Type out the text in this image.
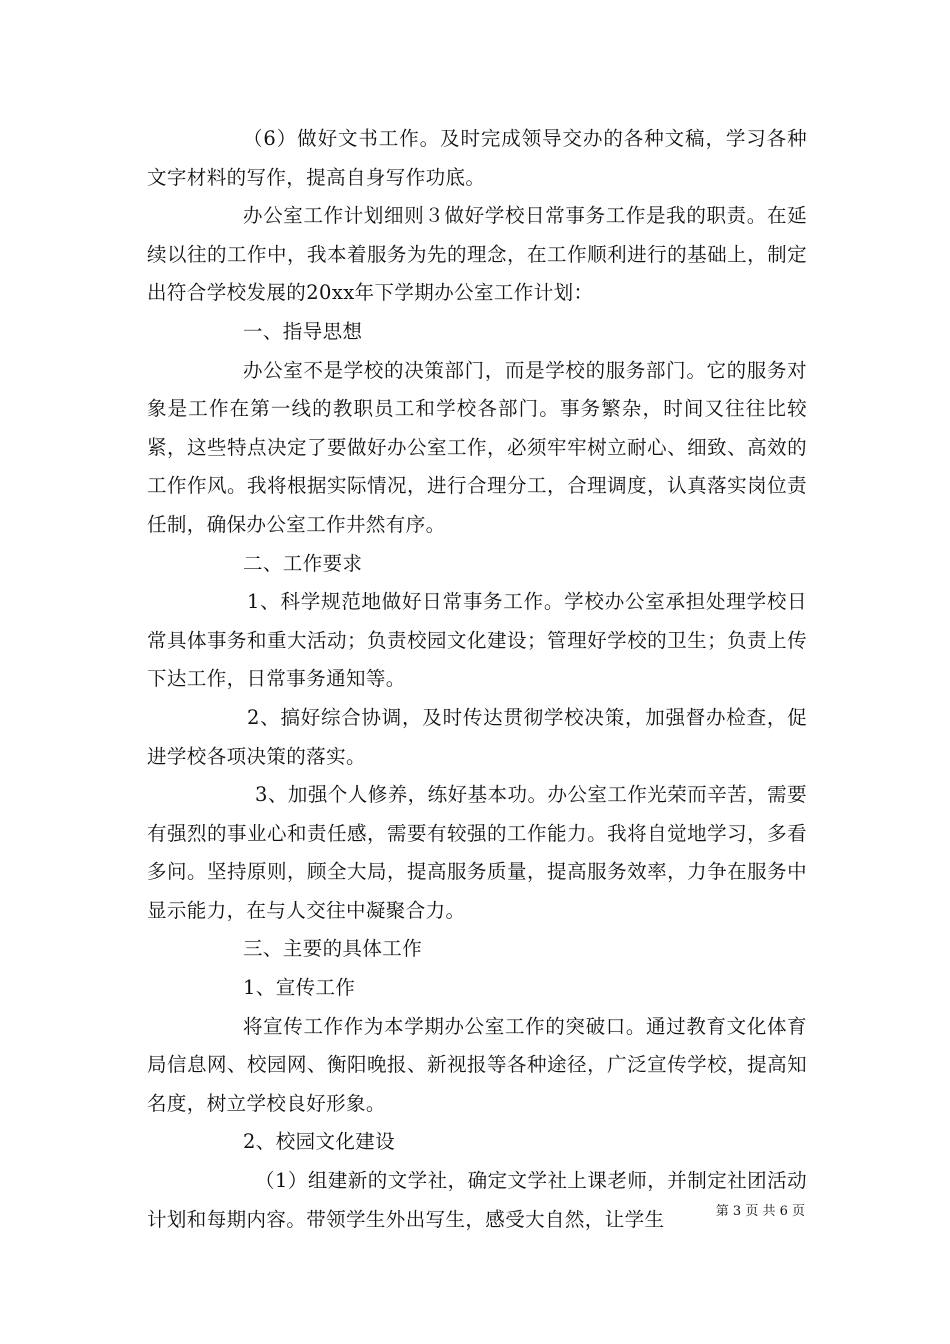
（6）做好文书工作。及时完成领导交办的各种文稿，学习各种文字材料的写作，提高自身写作功底。

办公室工作计划细则３做好学校日常事务工作是我的职责。在延续以往的工作中，我本着服务为先的理念，在工作顺利进行的基础上，制定出符合学校发展的20xx年下学期办公室工作计划：

一、指导思想

办公室不是学校的决策部门，而是学校的服务部门。它的服务对象是工作在第一线的教职员工和学校各部门。事务繁杂，时间又往往比较紧，这些特点决定了要做好办公室工作，必须牢牢树立耐心、细致、高效的工作作风。我将根据实际情况，进行合理分工，合理调度，认真落实岗位责任制，确保办公室工作井然有序。

二、工作要求

1、科学规范地做好日常事务工作。学校办公室承担处理学校日常具体事务和重大活动；负责校园文化建设；管理好学校的卫生；负责上传下达工作，日常事务通知等。

2、搞好综合协调，及时传达贯彻学校决策，加强督办检查，促进学校各项决策的落实。

3、加强个人修养，练好基本功。办公室工作光荣而辛苦，需要有强烈的事业心和责任感，需要有较强的工作能力。我将自觉地学习，多看多问。坚持原则，顾全大局，提高服务质量，提高服务效率，力争在服务中显示能力，在与人交往中凝聚合力。

三、主要的具体工作

1、宣传工作

将宣传工作作为本学期办公室工作的突破口。通过教育文化体育局信息网、校园网、衡阳晚报、新视报等各种途径，广泛宣传学校，提高知名度，树立学校良好形象。

2、校园文化建设

（1）组建新的文学社，确定文学社上课老师，并制定社团活动计划和每期内容。带领学生外出写生，感受大自然，让学生	第 3 页 共 6 页
